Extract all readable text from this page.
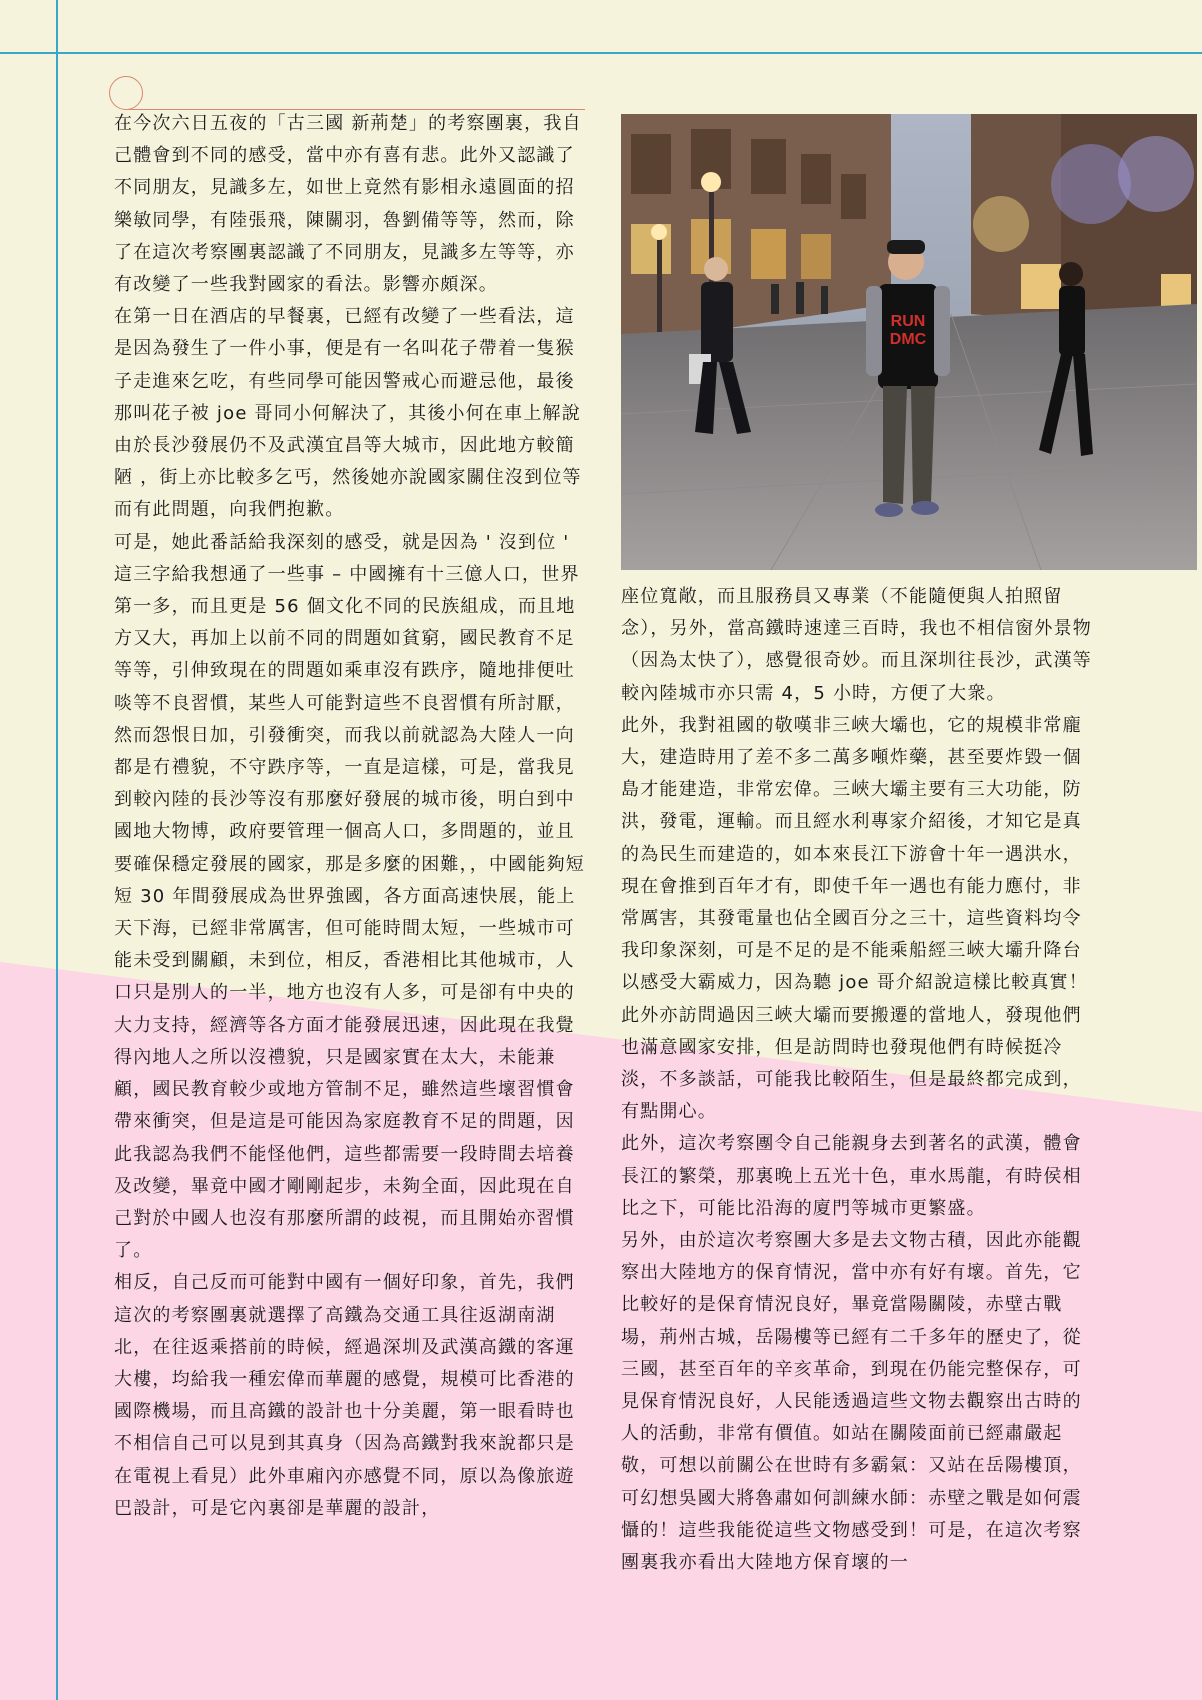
在今次六日五夜的「古三國 新荊楚」的考察團裏，我自己體會到不同的感受，當中亦有喜有悲。此外又認識了不同朋友，見識多左，如世上竟然有影相永遠圓面的招樂敏同學，有陸張飛，陳關羽，魯劉備等等，然而，除了在這次考察團裏認識了不同朋友，見識多左等等，亦有改變了一些我對國家的看法。影響亦頗深。

在第一日在酒店的早餐裏，已經有改變了一些看法，這是因為發生了一件小事，便是有一名叫花子帶着一隻猴子走進來乞吃，有些同學可能因警戒心而避忌他，最後那叫花子被 joe 哥同小何解決了，其後小何在車上解說由於長沙發展仍不及武漢宜昌等大城市，因此地方較簡陋 ，街上亦比較多乞丐，然後她亦說國家關住沒到位等而有此問題，向我們抱歉。

可是，她此番話給我深刻的感受，就是因為 ' 沒到位 ' 這三字給我想通了一些事 – 中國擁有十三億人口，世界第一多，而且更是 56 個文化不同的民族組成，而且地方又大，再加上以前不同的問題如貧窮，國民教育不足等等，引伸致現在的問題如乘車沒有跌序，隨地排便吐啖等不良習慣，某些人可能對這些不良習慣有所討厭，然而怨恨日加，引發衝突，而我以前就認為大陸人一向都是冇禮貌，不守跌序等，一直是這樣，可是，當我見到較內陸的長沙等沒有那麼好發展的城市後，明白到中國地大物博，政府要管理一個高人口，多問題的，並且要確保穩定發展的國家，那是多麼的困難，，中國能夠短短 30 年間發展成為世界強國，各方面高速快展，能上天下海，已經非常厲害，但可能時間太短，一些城市可能未受到關顧，未到位，相反，香港相比其他城市，人口只是別人的一半，地方也沒有人多，可是卻有中央的大力支持，經濟等各方面才能發展迅速，因此現在我覺得內地人之所以沒禮貌，只是國家實在太大，未能兼顧，國民教育較少或地方管制不足，雖然這些壞習慣會帶來衝突，但是這是可能因為家庭教育不足的問題，因此我認為我們不能怪他們，這些都需要一段時間去培養及改變，畢竟中國才剛剛起步，未夠全面，因此現在自己對於中國人也沒有那麼所謂的歧視，而且開始亦習慣了。

相反，自己反而可能對中國有一個好印象，首先，我們這次的考察團裏就選擇了高鐵為交通工具往返湖南湖北，在往返乘搭前的時候，經過深圳及武漢高鐵的客運大樓，均給我一種宏偉而華麗的感覺，規模可比香港的國際機場，而且高鐵的設計也十分美麗，第一眼看時也不相信自己可以見到其真身（因為高鐵對我來說都只是在電視上看見）此外車廂內亦感覺不同，原以為像旅遊巴設計，可是它內裏卻是華麗的設計，

RUN
DMC

座位寬敞，而且服務員又專業（不能隨便與人拍照留念），另外，當高鐵時速達三百時，我也不相信窗外景物（因為太快了），感覺很奇妙。而且深圳往長沙，武漢等較內陸城市亦只需 4，5 小時，方便了大衆。

此外，我對祖國的敬嘆非三峽大壩也，它的規模非常龐大，建造時用了差不多二萬多噸炸藥，甚至要炸毀一個島才能建造，非常宏偉。三峽大壩主要有三大功能，防洪，發電，運輸。而且經水利專家介紹後，才知它是真的為民生而建造的，如本來長江下游會十年一遇洪水，現在會推到百年才有，即使千年一遇也有能力應付，非常厲害，其發電量也佔全國百分之三十，這些資料均令我印象深刻，可是不足的是不能乘船經三峽大壩升降台以感受大霸威力，因為聽 joe 哥介紹說這樣比較真實！此外亦訪問過因三峽大壩而要搬遷的當地人，發現他們也滿意國家安排，但是訪問時也發現他們有時候挺冷淡，不多談話，可能我比較陌生，但是最終都完成到，有點開心。

此外，這次考察團令自己能親身去到著名的武漢，體會長江的繁榮，那裏晚上五光十色，車水馬龍，有時侯相比之下，可能比沿海的廈門等城市更繁盛。

另外，由於這次考察團大多是去文物古積，因此亦能觀察出大陸地方的保育情況，當中亦有好有壞。首先，它比較好的是保育情況良好，畢竟當陽關陵，赤壁古戰場，荊州古城，岳陽樓等已經有二千多年的歷史了，從三國，甚至百年的辛亥革命，到現在仍能完整保存，可見保育情況良好，人民能透過這些文物去觀察出古時的人的活動，非常有價值。如站在關陵面前已經肅嚴起敬，可想以前關公在世時有多霸氣：又站在岳陽樓頂，可幻想吳國大將魯肅如何訓練水師：赤壁之戰是如何震懾的！這些我能從這些文物感受到！可是，在這次考察團裏我亦看出大陸地方保育壞的一
